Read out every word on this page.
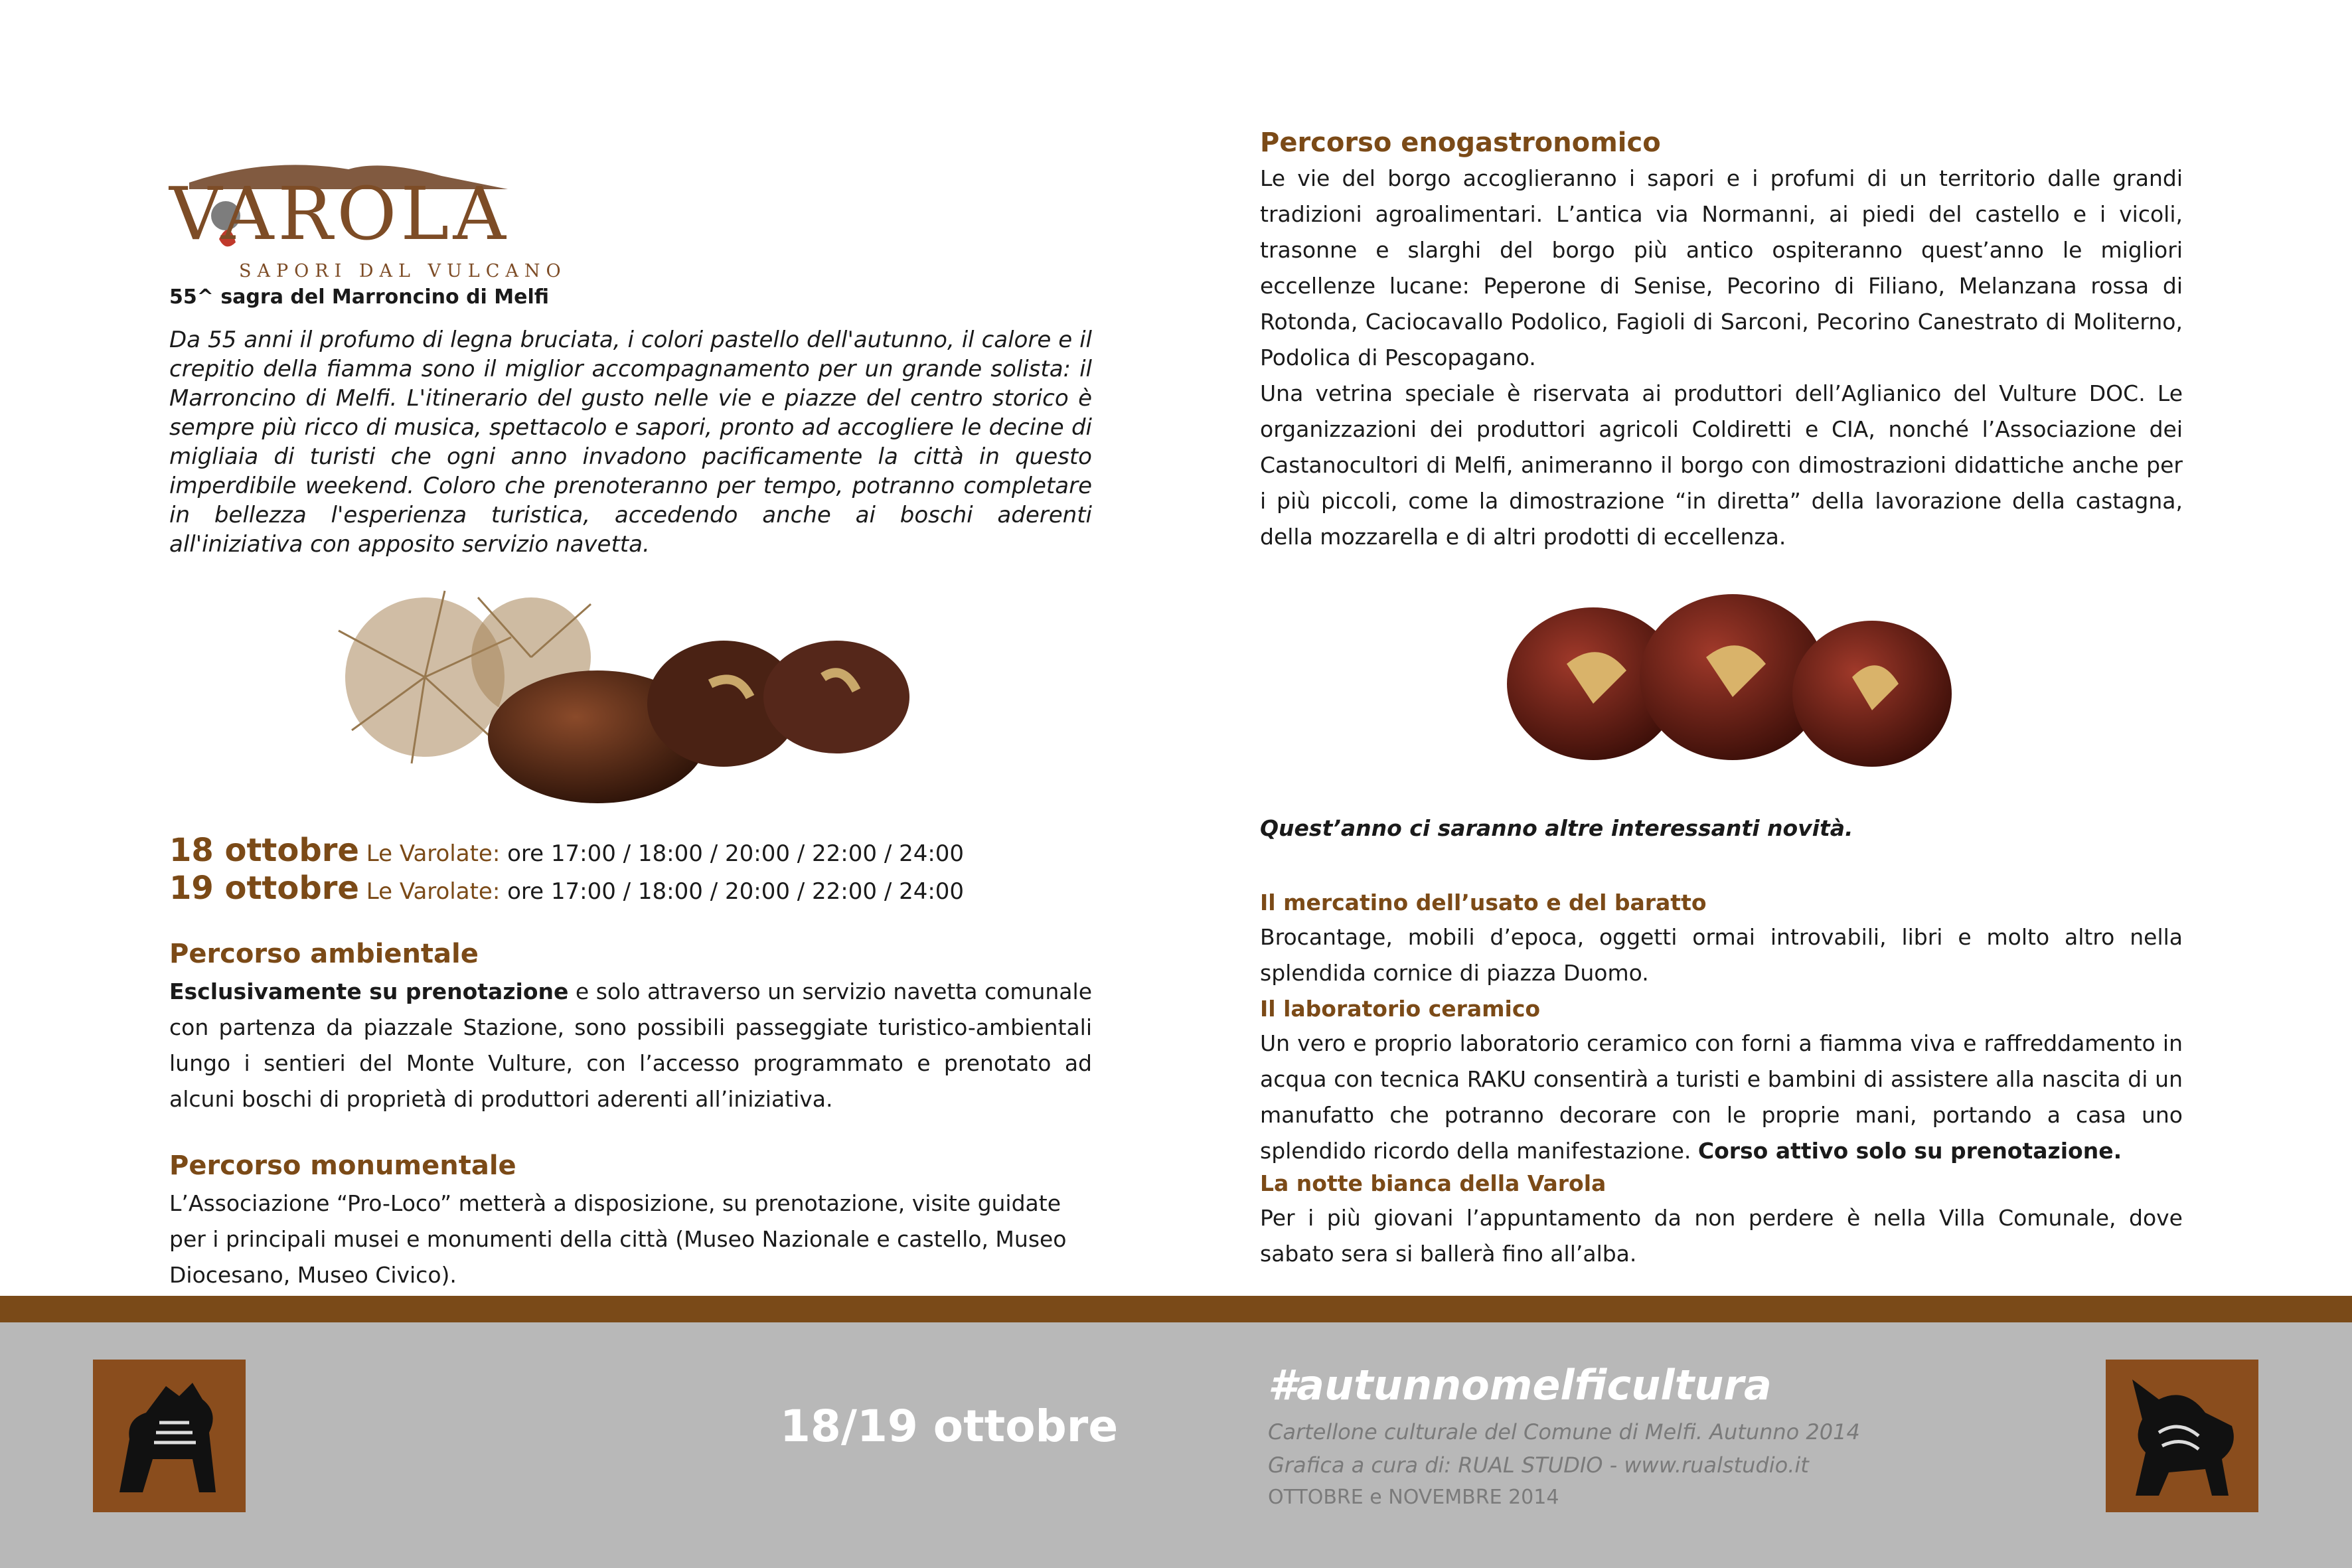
VAROLA

SAPORI DAL VULCANO

55^ sagra del Marroncino di Melfi

Da 55 anni il profumo di legna bruciata, i colori pastello dell'autunno, il calore e il crepitio della fiamma sono il miglior accompagnamento per un grande solista: il Marroncino di Melfi. L'itinerario del gusto nelle vie e piazze del centro storico è sempre più ricco di musica, spettacolo e sapori, pronto ad accogliere le decine di migliaia di turisti che ogni anno invadono pacificamente la città in questo imperdibile weekend. Coloro che prenoteranno per tempo, potranno completare in bellezza l'esperienza turistica, accedendo anche ai boschi aderenti all'iniziativa con apposito servizio navetta.

18 ottobre Le Varolate: ore 17:00 / 18:00 / 20:00 / 22:00 / 24:00
19 ottobre Le Varolate: ore 17:00 / 18:00 / 20:00 / 22:00 / 24:00

Percorso ambientale

Esclusivamente su prenotazione e solo attraverso un servizio navetta comunale con partenza da piazzale Stazione, sono possibili passeggiate turistico-ambientali lungo i sentieri del Monte Vulture, con l’accesso programmato e prenotato ad alcuni boschi di proprietà di produttori aderenti all’iniziativa.

Percorso monumentale

L’Associazione “Pro-Loco” metterà a disposizione, su prenotazione, visite guidate per i principali musei e monumenti della città (Museo Nazionale e castello, Museo Diocesano, Museo Civico).

Percorso enogastronomico

Le vie del borgo accoglieranno i sapori e i profumi di un territorio dalle grandi tradizioni agroalimentari. L’antica via Normanni, ai piedi del castello e i vicoli, trasonne e slarghi del borgo più antico ospiteranno quest’anno le migliori eccellenze lucane: Peperone di Senise, Pecorino di Filiano, Melanzana rossa di Rotonda, Caciocavallo Podolico, Fagioli di Sarconi, Pecorino Canestrato di Moliterno, Podolica di Pescopagano.

Una vetrina speciale è riservata ai produttori dell’Aglianico del Vulture DOC. Le organizzazioni dei produttori agricoli Coldiretti e CIA, nonché l’Associazione dei Castanocultori di Melfi, animeranno il borgo con dimostrazioni didattiche anche per i più piccoli, come la dimostrazione “in diretta” della lavorazione della castagna, della mozzarella e di altri prodotti di eccellenza.

Quest’anno ci saranno altre interessanti novità.

Il mercatino dell’usato e del baratto

Brocantage, mobili d’epoca, oggetti ormai introvabili, libri e molto altro nella splendida cornice di piazza Duomo.

Il laboratorio ceramico

Un vero e proprio laboratorio ceramico con forni a fiamma viva e raffreddamento in acqua con tecnica RAKU consentirà a turisti e bambini di assistere alla nascita di un manufatto che potranno decorare con le proprie mani, portando a casa uno splendido ricordo della manifestazione. Corso attivo solo su prenotazione.

La notte bianca della Varola

Per i più giovani l’appuntamento da non perdere è nella Villa Comunale, dove sabato sera si ballerà fino all’alba.

18/19 ottobre

#autunnomelficultura

Cartellone culturale del Comune di Melfi. Autunno 2014

Grafica a cura di: RUAL STUDIO - www.rualstudio.it

OTTOBRE e NOVEMBRE 2014
